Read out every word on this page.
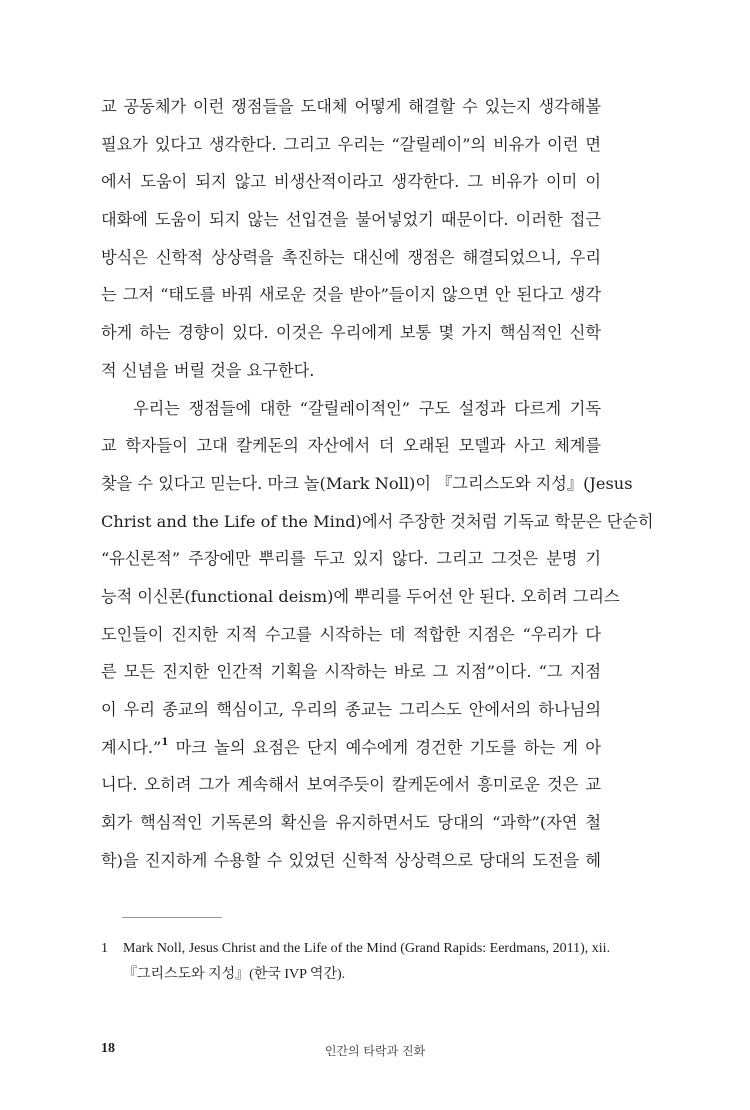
교 공동체가 이런 쟁점들을 도대체 어떻게 해결할 수 있는지 생각해볼
필요가 있다고 생각한다. 그리고 우리는 “갈릴레이”의 비유가 이런 면
에서 도움이 되지 않고 비생산적이라고 생각한다. 그 비유가 이미 이
대화에 도움이 되지 않는 선입견을 불어넣었기 때문이다. 이러한 접근
방식은 신학적 상상력을 촉진하는 대신에 쟁점은 해결되었으니, 우리
는 그저 “태도를 바꿔 새로운 것을 받아”들이지 않으면 안 된다고 생각
하게 하는 경향이 있다. 이것은 우리에게 보통 몇 가지 핵심적인 신학
적 신념을 버릴 것을 요구한다.
우리는 쟁점들에 대한 “갈릴레이적인” 구도 설정과 다르게 기독
교 학자들이 고대 칼케돈의 자산에서 더 오래된 모델과 사고 체계를
찾을 수 있다고 믿는다. 마크 놀(Mark Noll)이 『그리스도와 지성』(Jesus
Christ and the Life of the Mind)에서 주장한 것처럼 기독교 학문은 단순히
“유신론적” 주장에만 뿌리를 두고 있지 않다. 그리고 그것은 분명 기
능적 이신론(functional deism)에 뿌리를 두어선 안 된다. 오히려 그리스
도인들이 진지한 지적 수고를 시작하는 데 적합한 지점은 “우리가 다
른 모든 진지한 인간적 기획을 시작하는 바로 그 지점”이다. “그 지점
이 우리 종교의 핵심이고, 우리의 종교는 그리스도 안에서의 하나님의
계시다.”$^1$ 마크 놀의 요점은 단지 예수에게 경건한 기도를 하는 게 아
니다. 오히려 그가 계속해서 보여주듯이 칼케돈에서 흥미로운 것은 교
회가 핵심적인 기독론의 확신을 유지하면서도 당대의 “과학”(자연 철
학)을 진지하게 수용할 수 있었던 신학적 상상력으로 당대의 도전을 헤
1 Mark Noll, Jesus Christ and the Life of the Mind (Grand Rapids: Eerdmans, 2011), xii.
『그리스도와 지성』(한국 IVP 역간).
18	인간의 타락과 진화
